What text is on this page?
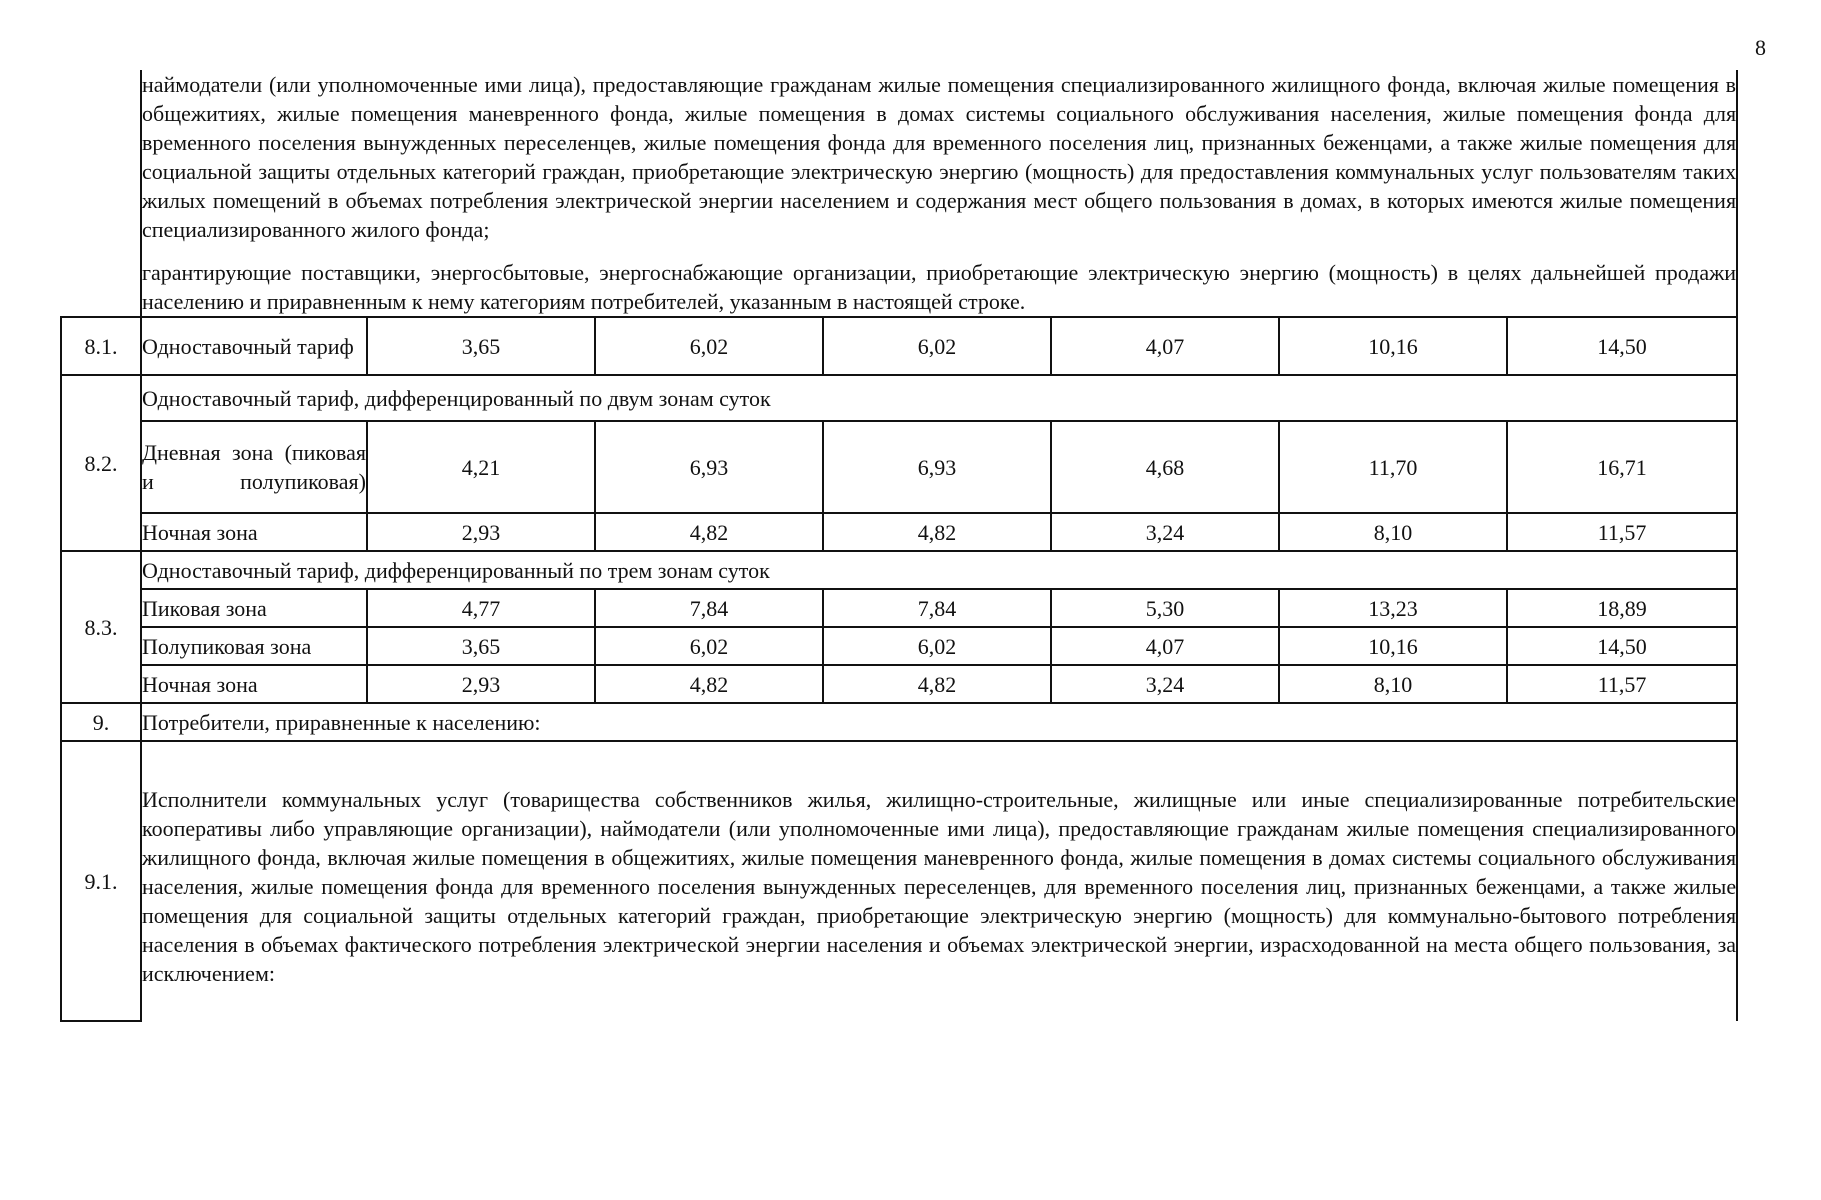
8

	наймодатели (или уполномоченные ими лица), предоставляющие гражданам жилые помещения специализированного жилищного фонда, включая жилые помещения в общежитиях, жилые помещения маневренного фонда, жилые помещения в домах системы социального обслуживания населения, жилые помещения фонда для временного поселения вынужденных переселенцев, жилые помещения фонда для временного поселения лиц, признанных беженцами, а также жилые помещения для социальной защиты отдельных категорий граждан, приобретающие электрическую энергию (мощность) для предоставления коммунальных услуг пользователям таких жилых помещений в объемах потребления электрической энергии населением и содержания мест общего пользования в домах, в которых имеются жилые помещения специализированного жилого фонда;

гарантирующие поставщики, энергосбытовые, энергоснабжающие организации, приобретающие электрическую энергию (мощность) в целях дальнейшей продажи населению и приравненным к нему категориям потребителей, указанным в настоящей строке.						

8.1.	Одноставочный тариф	3,65	6,02	6,02	4,07	10,16	14,50
8.2.	Одноставочный тариф, дифференцированный по двум зонам суток						
	Дневная зона (пиковая и полупиковая)	4,21	6,93	6,93	4,68	11,70	16,71
	Ночная зона	2,93	4,82	4,82	3,24	8,10	11,57
8.3.	Одноставочный тариф, дифференцированный по трем зонам суток						
	Пиковая зона	4,77	7,84	7,84	5,30	13,23	18,89
	Полупиковая зона	3,65	6,02	6,02	4,07	10,16	14,50
	Ночная зона	2,93	4,82	4,82	3,24	8,10	11,57
9.	Потребители, приравненные к населению:						
9.1.	Исполнители коммунальных услуг (товарищества собственников жилья, жилищно-строительные, жилищные или иные специализированные потребительские кооперативы либо управляющие организации), наймодатели (или уполномоченные ими лица), предоставляющие гражданам жилые помещения специализированного жилищного фонда, включая жилые помещения в общежитиях, жилые помещения маневренного фонда, жилые помещения в домах системы социального обслуживания населения, жилые помещения фонда для временного поселения вынужденных переселенцев, для временного поселения лиц, признанных беженцами, а также жилые помещения для социальной защиты отдельных категорий граждан, приобретающие электрическую энергию (мощность) для коммунально-бытового потребления населения в объемах фактического потребления электрической энергии населения и объемах электрической энергии, израсходованной на места общего пользования, за исключением:						
